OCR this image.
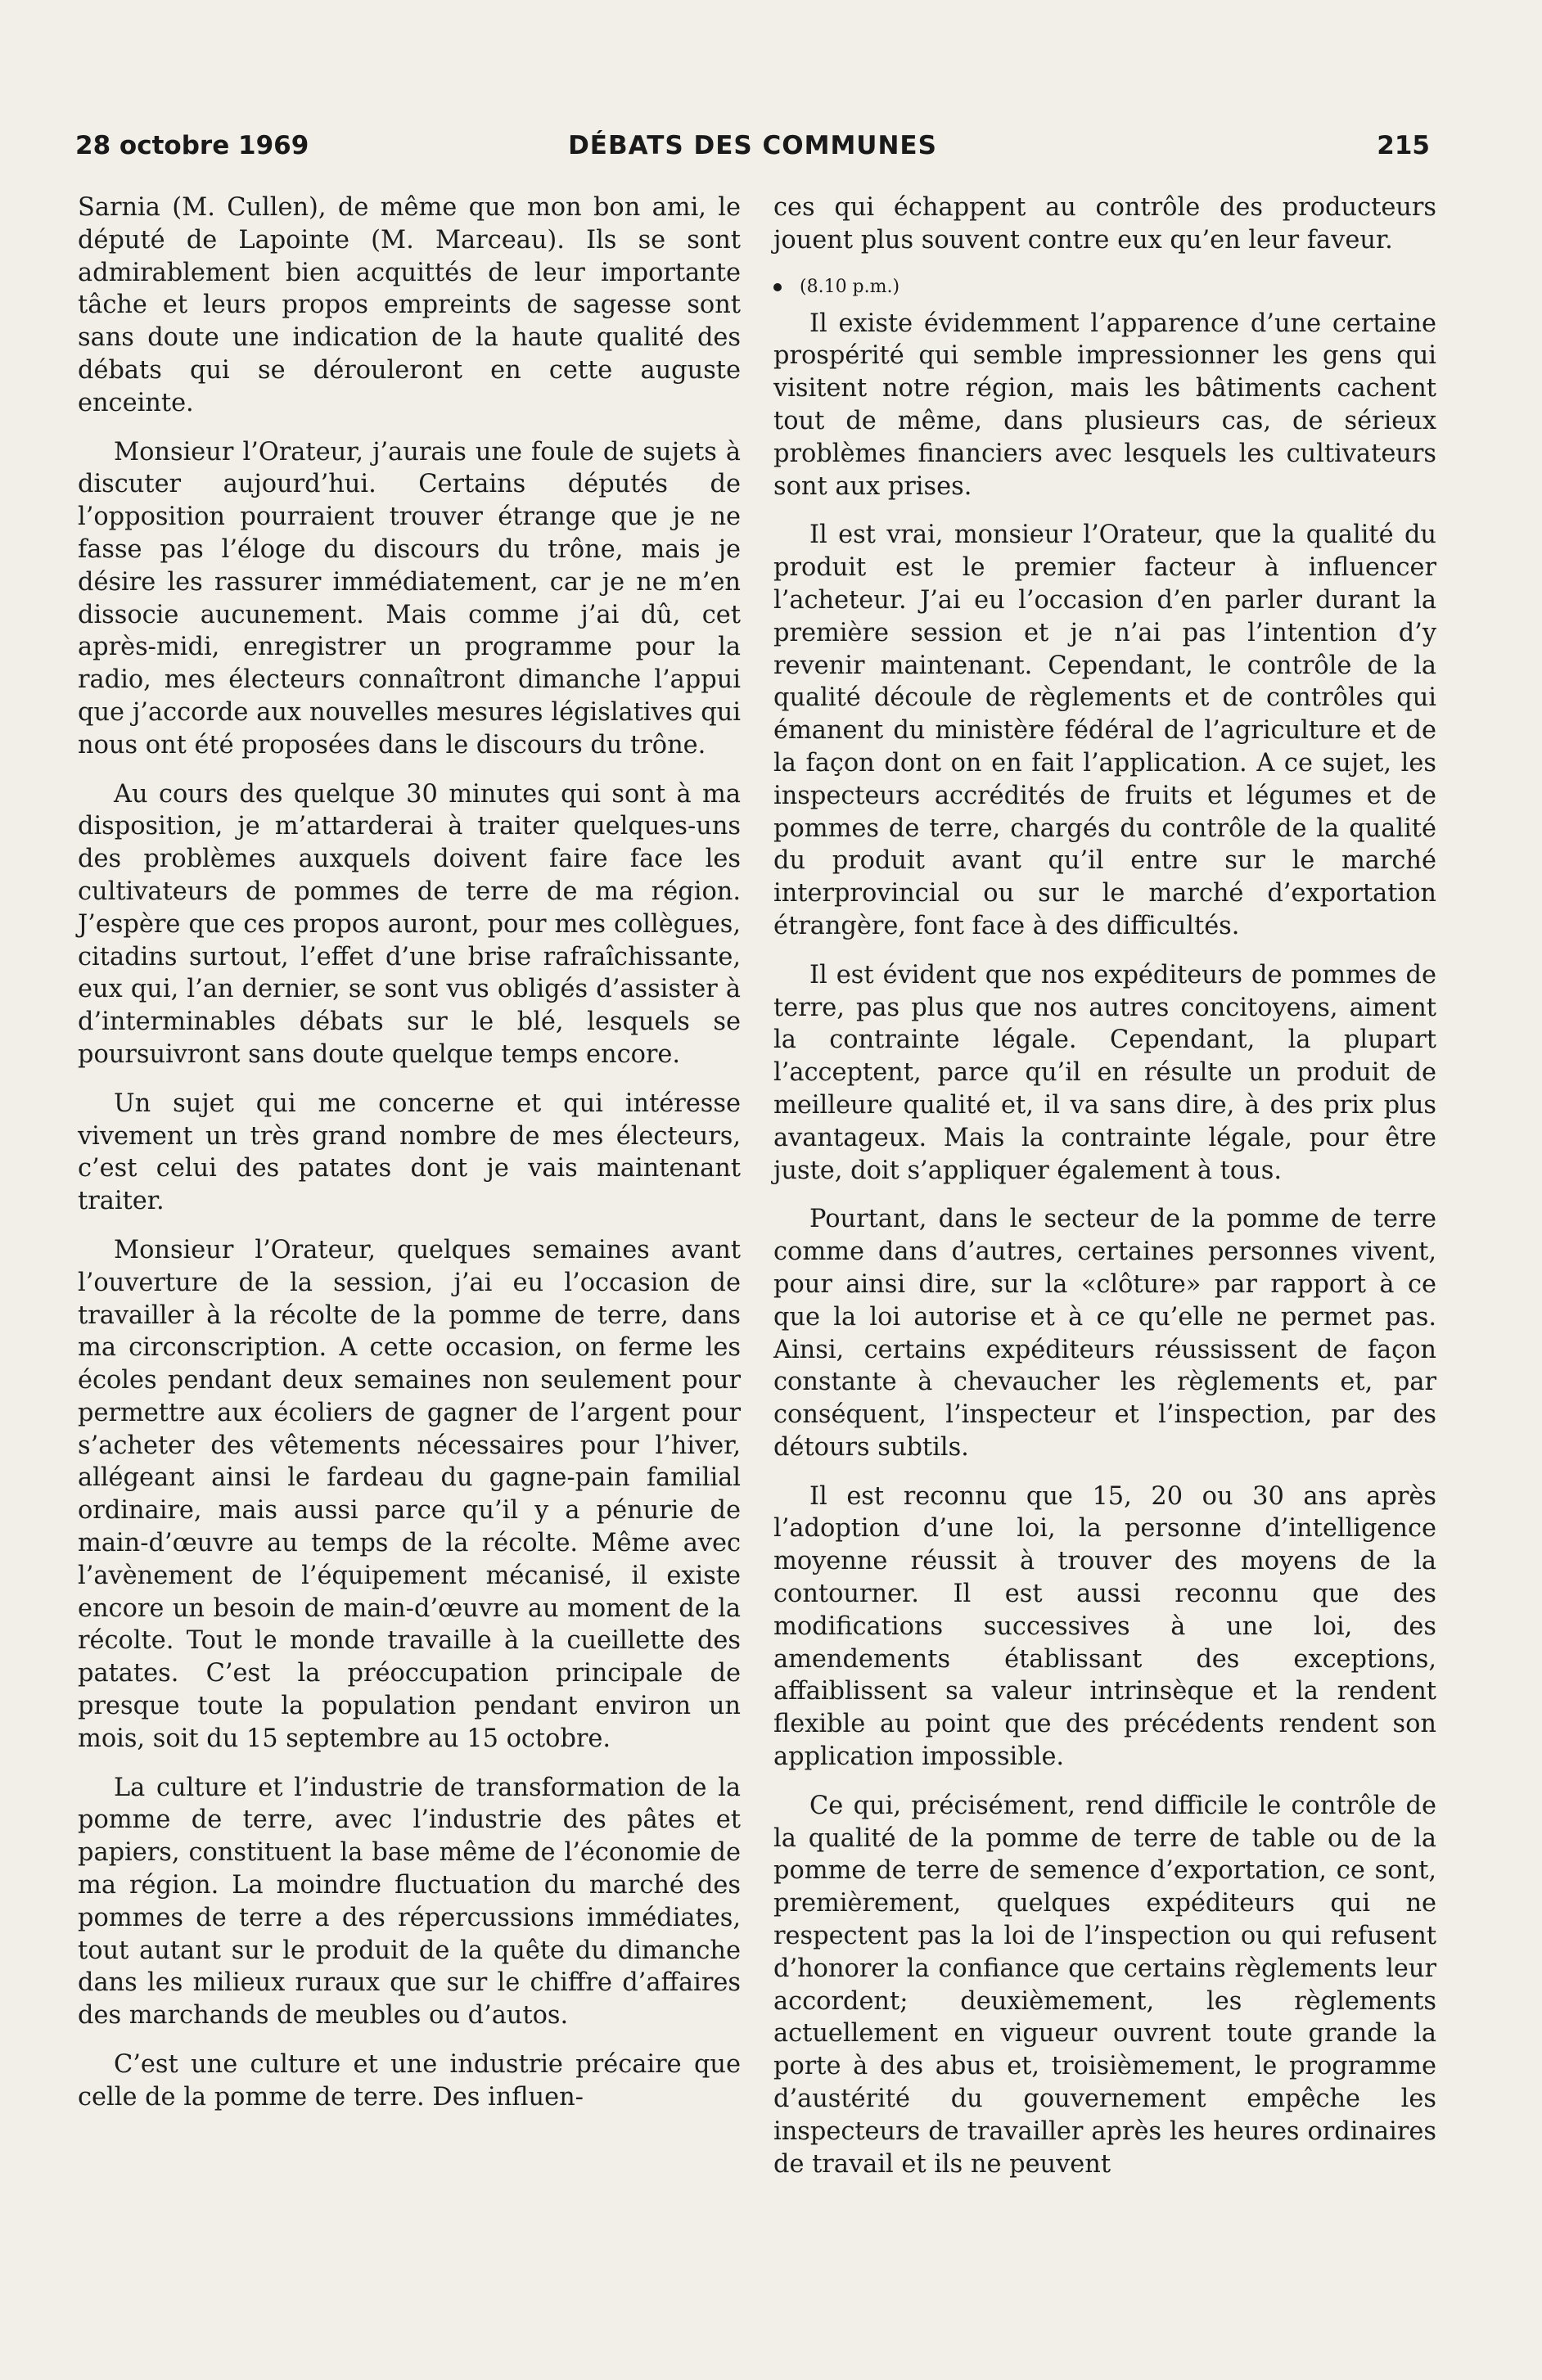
28 octobre 1969	DÉBATS DES COMMUNES	215

Sarnia (M. Cullen), de même que mon bon ami, le député de Lapointe (M. Marceau). Ils se sont admirablement bien acquittés de leur importante tâche et leurs propos empreints de sagesse sont sans doute une indication de la haute qualité des débats qui se dérouleront en cette auguste enceinte.

Monsieur l’Orateur, j’aurais une foule de sujets à discuter aujourd’hui. Certains députés de l’opposition pourraient trouver étrange que je ne fasse pas l’éloge du discours du trône, mais je désire les rassurer immédiatement, car je ne m’en dissocie aucunement. Mais comme j’ai dû, cet après-midi, enregistrer un programme pour la radio, mes électeurs connaîtront dimanche l’appui que j’accorde aux nouvelles mesures législatives qui nous ont été proposées dans le discours du trône.

Au cours des quelque 30 minutes qui sont à ma disposition, je m’attarderai à traiter quelques-uns des problèmes auxquels doivent faire face les cultivateurs de pommes de terre de ma région. J’espère que ces propos auront, pour mes collègues, citadins surtout, l’effet d’une brise rafraîchissante, eux qui, l’an dernier, se sont vus obligés d’assister à d’interminables débats sur le blé, lesquels se poursuivront sans doute quelque temps encore.

Un sujet qui me concerne et qui intéresse vivement un très grand nombre de mes électeurs, c’est celui des patates dont je vais maintenant traiter.

Monsieur l’Orateur, quelques semaines avant l’ouverture de la session, j’ai eu l’occasion de travailler à la récolte de la pomme de terre, dans ma circonscription. A cette occasion, on ferme les écoles pendant deux semaines non seulement pour permettre aux écoliers de gagner de l’argent pour s’acheter des vêtements nécessaires pour l’hiver, allégeant ainsi le fardeau du gagne-pain familial ordinaire, mais aussi parce qu’il y a pénurie de main-d’œuvre au temps de la récolte. Même avec l’avènement de l’équipement mécanisé, il existe encore un besoin de main-d’œuvre au moment de la récolte. Tout le monde travaille à la cueillette des patates. C’est la préoccupation principale de presque toute la population pendant environ un mois, soit du 15 septembre au 15 octobre.

La culture et l’industrie de transformation de la pomme de terre, avec l’industrie des pâtes et papiers, constituent la base même de l’économie de ma région. La moindre fluctuation du marché des pommes de terre a des répercussions immédiates, tout autant sur le produit de la quête du dimanche dans les milieux ruraux que sur le chiffre d’affaires des marchands de meubles ou d’autos.

C’est une culture et une industrie précaire que celle de la pomme de terre. Des influen-

ces qui échappent au contrôle des producteurs jouent plus souvent contre eux qu’en leur faveur.

(8.10 p.m.)

Il existe évidemment l’apparence d’une certaine prospérité qui semble impressionner les gens qui visitent notre région, mais les bâtiments cachent tout de même, dans plusieurs cas, de sérieux problèmes financiers avec lesquels les cultivateurs sont aux prises.

Il est vrai, monsieur l’Orateur, que la qualité du produit est le premier facteur à influencer l’acheteur. J’ai eu l’occasion d’en parler durant la première session et je n’ai pas l’intention d’y revenir maintenant. Cependant, le contrôle de la qualité découle de règlements et de contrôles qui émanent du ministère fédéral de l’agriculture et de la façon dont on en fait l’application. A ce sujet, les inspecteurs accrédités de fruits et légumes et de pommes de terre, chargés du contrôle de la qualité du produit avant qu’il entre sur le marché interprovincial ou sur le marché d’exportation étrangère, font face à des difficultés.

Il est évident que nos expéditeurs de pommes de terre, pas plus que nos autres concitoyens, aiment la contrainte légale. Cependant, la plupart l’acceptent, parce qu’il en résulte un produit de meilleure qualité et, il va sans dire, à des prix plus avantageux. Mais la contrainte légale, pour être juste, doit s’appliquer également à tous.

Pourtant, dans le secteur de la pomme de terre comme dans d’autres, certaines personnes vivent, pour ainsi dire, sur la «clôture» par rapport à ce que la loi autorise et à ce qu’elle ne permet pas. Ainsi, certains expéditeurs réussissent de façon constante à chevaucher les règlements et, par conséquent, l’inspecteur et l’inspection, par des détours subtils.

Il est reconnu que 15, 20 ou 30 ans après l’adoption d’une loi, la personne d’intelligence moyenne réussit à trouver des moyens de la contourner. Il est aussi reconnu que des modifications successives à une loi, des amendements établissant des exceptions, affaiblissent sa valeur intrinsèque et la rendent flexible au point que des précédents rendent son application impossible.

Ce qui, précisément, rend difficile le contrôle de la qualité de la pomme de terre de table ou de la pomme de terre de semence d’exportation, ce sont, premièrement, quelques expéditeurs qui ne respectent pas la loi de l’inspection ou qui refusent d’honorer la confiance que certains règlements leur accordent; deuxièmement, les règlements actuellement en vigueur ouvrent toute grande la porte à des abus et, troisièmement, le programme d’austérité du gouvernement empêche les inspecteurs de travailler après les heures ordinaires de travail et ils ne peuvent
